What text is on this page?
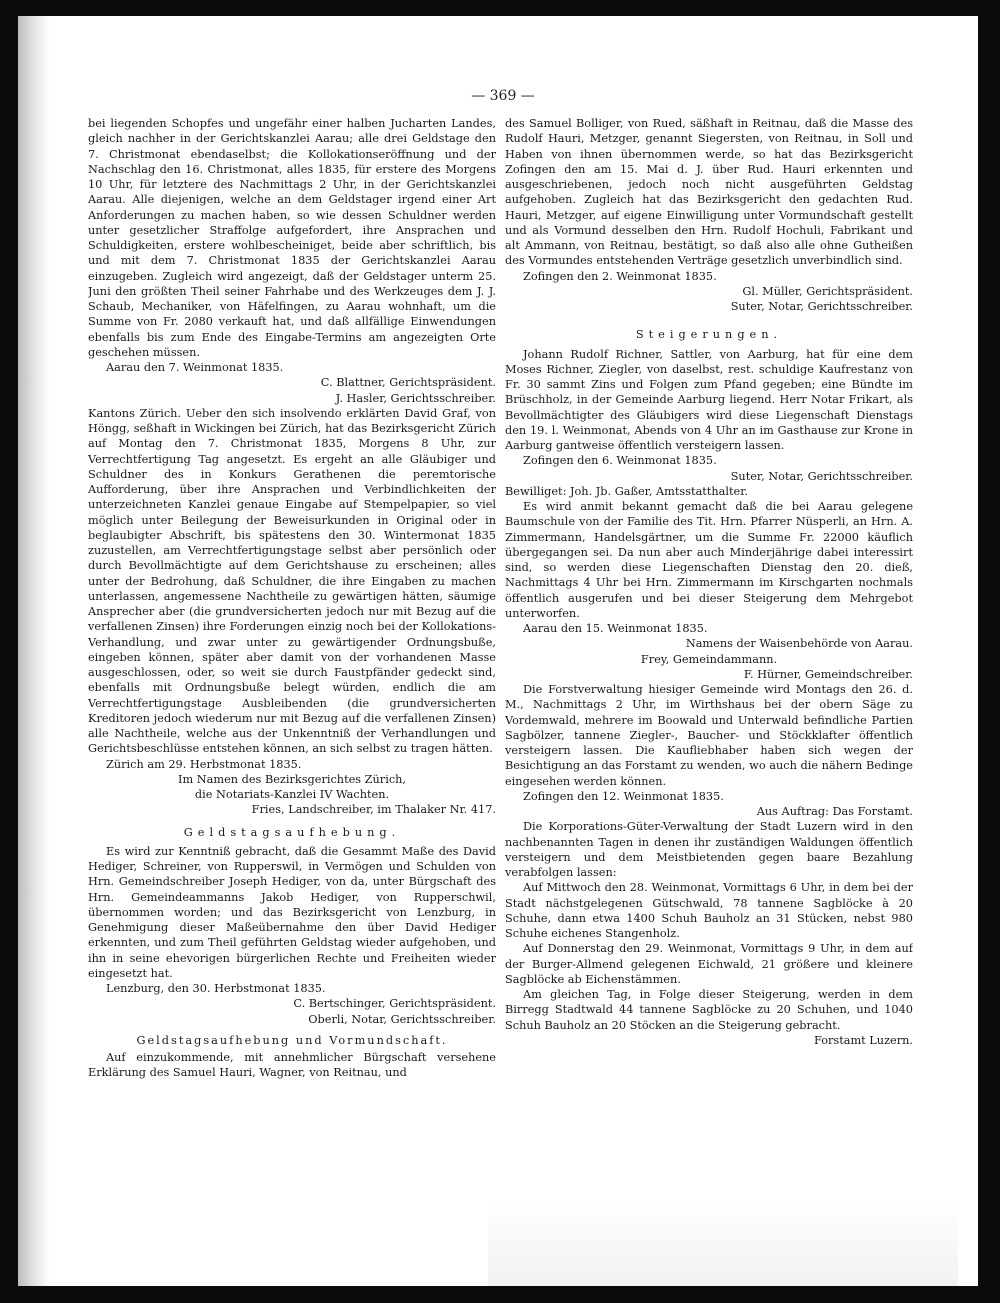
— 369 —

bei liegenden Schopfes und ungefähr einer halben Jucharten Landes, gleich nachher in der Gerichtskanzlei Aarau; alle drei Geldstage den 7. Christmonat ebendaselbst; die Kollokationseröffnung und der Nachschlag den 16. Christmonat, alles 1835, für erstere des Morgens 10 Uhr, für letztere des Nachmittags 2 Uhr, in der Gerichtskanzlei Aarau. Alle diejenigen, welche an dem Geldstager irgend einer Art Anforderungen zu machen haben, so wie dessen Schuldner werden unter gesetzlicher Straffolge aufgefordert, ihre Ansprachen und Schuldigkeiten, erstere wohlbescheiniget, beide aber schriftlich, bis und mit dem 7. Christmonat 1835 der Gerichtskanzlei Aarau einzugeben. Zugleich wird angezeigt, daß der Geldstager unterm 25. Juni den größten Theil seiner Fahrhabe und des Werkzeuges dem J. J. Schaub, Mechaniker, von Häfelfingen, zu Aarau wohnhaft, um die Summe von Fr. 2080 verkauft hat, und daß allfällige Einwendungen ebenfalls bis zum Ende des Eingabe-Termins am angezeigten Orte geschehen müssen.

Aarau den 7. Weinmonat 1835.

C. Blattner, Gerichtspräsident.

J. Hasler, Gerichtsschreiber.

Kantons Zürich. Ueber den sich insolvendo erklärten David Graf, von Höngg, seßhaft in Wickingen bei Zürich, hat das Bezirksgericht Zürich auf Montag den 7. Christmonat 1835, Morgens 8 Uhr, zur Verrechtfertigung Tag angesetzt. Es ergeht an alle Gläubiger und Schuldner des in Konkurs Gerathenen die peremtorische Aufforderung, über ihre Ansprachen und Verbindlichkeiten der unterzeichneten Kanzlei genaue Eingabe auf Stempelpapier, so viel möglich unter Beilegung der Beweisurkunden in Original oder in beglaubigter Abschrift, bis spätestens den 30. Wintermonat 1835 zuzustellen, am Verrechtfertigungstage selbst aber persönlich oder durch Bevollmächtigte auf dem Gerichtshause zu erscheinen; alles unter der Bedrohung, daß Schuldner, die ihre Eingaben zu machen unterlassen, angemessene Nachtheile zu gewärtigen hätten, säumige Ansprecher aber (die grundversicherten jedoch nur mit Bezug auf die verfallenen Zinsen) ihre Forderungen einzig noch bei der Kollokations-Verhandlung, und zwar unter zu gewärtigender Ordnungsbuße, eingeben können, später aber damit von der vorhandenen Masse ausgeschlossen, oder, so weit sie durch Faustpfänder gedeckt sind, ebenfalls mit Ordnungsbuße belegt würden, endlich die am Verrechtfertigungstage Ausbleibenden (die grundversicherten Kreditoren jedoch wiederum nur mit Bezug auf die verfallenen Zinsen) alle Nachtheile, welche aus der Unkenntniß der Verhandlungen und Gerichtsbeschlüsse entstehen können, an sich selbst zu tragen hätten.

Zürich am 29. Herbstmonat 1835.

Im Namen des Bezirksgerichtes Zürich,

die Notariats-Kanzlei IV Wachten.

Fries, Landschreiber, im Thalaker Nr. 417.

Geldstagsaufhebung.

Es wird zur Kenntniß gebracht, daß die Gesammt Maße des David Hediger, Schreiner, von Rupperswil, in Vermögen und Schulden von Hrn. Gemeindschreiber Joseph Hediger, von da, unter Bürgschaft des Hrn. Gemeindeammanns Jakob Hediger, von Rupperschwil, übernommen worden; und das Bezirksgericht von Lenzburg, in Genehmigung dieser Maßeübernahme den über David Hediger erkennten, und zum Theil geführten Geldstag wieder aufgehoben, und ihn in seine ehevorigen bürgerlichen Rechte und Freiheiten wieder eingesetzt hat.

Lenzburg, den 30. Herbstmonat 1835.

C. Bertschinger, Gerichtspräsident.

Oberli, Notar, Gerichtsschreiber.

Geldstagsaufhebung und Vormundschaft.

Auf einzukommende, mit annehmlicher Bürgschaft versehene Erklärung des Samuel Hauri, Wagner, von Reitnau, und

des Samuel Bolliger, von Rued, säßhaft in Reitnau, daß die Masse des Rudolf Hauri, Metzger, genannt Siegersten, von Reitnau, in Soll und Haben von ihnen übernommen werde, so hat das Bezirksgericht Zofingen den am 15. Mai d. J. über Rud. Hauri erkennten und ausgeschriebenen, jedoch noch nicht ausgeführten Geldstag aufgehoben. Zugleich hat das Bezirksgericht den gedachten Rud. Hauri, Metzger, auf eigene Einwilligung unter Vormundschaft gestellt und als Vormund desselben den Hrn. Rudolf Hochuli, Fabrikant und alt Ammann, von Reitnau, bestätigt, so daß also alle ohne Gutheißen des Vormundes entstehenden Verträge gesetzlich unverbindlich sind.

Zofingen den 2. Weinmonat 1835.

Gl. Müller, Gerichtspräsident.

Suter, Notar, Gerichtsschreiber.

Steigerungen.

Johann Rudolf Richner, Sattler, von Aarburg, hat für eine dem Moses Richner, Ziegler, von daselbst, rest. schuldige Kaufrestanz von Fr. 30 sammt Zins und Folgen zum Pfand gegeben; eine Bündte im Brüschholz, in der Gemeinde Aarburg liegend. Herr Notar Frikart, als Bevollmächtigter des Gläubigers wird diese Liegenschaft Dienstags den 19. l. Weinmonat, Abends von 4 Uhr an im Gasthause zur Krone in Aarburg gantweise öffentlich versteigern lassen.

Zofingen den 6. Weinmonat 1835.

Suter, Notar, Gerichtsschreiber.

Bewilliget: Joh. Jb. Gaßer, Amtsstatthalter.

Es wird anmit bekannt gemacht daß die bei Aarau gelegene Baumschule von der Familie des Tit. Hrn. Pfarrer Nüsperli, an Hrn. A. Zimmermann, Handelsgärtner, um die Summe Fr. 22000 käuflich übergegangen sei. Da nun aber auch Minderjährige dabei interessirt sind, so werden diese Liegenschaften Dienstag den 20. dieß, Nachmittags 4 Uhr bei Hrn. Zimmermann im Kirschgarten nochmals öffentlich ausgerufen und bei dieser Steigerung dem Mehrgebot unterworfen.

Aarau den 15. Weinmonat 1835.

Namens der Waisenbehörde von Aarau.

Frey, Gemeindammann.

F. Hürner, Gemeindschreiber.

Die Forstverwaltung hiesiger Gemeinde wird Montags den 26. d. M., Nachmittags 2 Uhr, im Wirthshaus bei der obern Säge zu Vordemwald, mehrere im Boowald und Unterwald befindliche Partien Sagbölzer, tannene Ziegler-, Baucher- und Stöckklafter öffentlich versteigern lassen. Die Kaufliebhaber haben sich wegen der Besichtigung an das Forstamt zu wenden, wo auch die nähern Bedinge eingesehen werden können.

Zofingen den 12. Weinmonat 1835.

Aus Auftrag: Das Forstamt.

Die Korporations-Güter-Verwaltung der Stadt Luzern wird in den nachbenannten Tagen in denen ihr zuständigen Waldungen öffentlich versteigern und dem Meistbietenden gegen baare Bezahlung verabfolgen lassen:

Auf Mittwoch den 28. Weinmonat, Vormittags 6 Uhr, in dem bei der Stadt nächstgelegenen Gütschwald, 78 tannene Sagblöcke à 20 Schuhe, dann etwa 1400 Schuh Bauholz an 31 Stücken, nebst 980 Schuhe eichenes Stangenholz.

Auf Donnerstag den 29. Weinmonat, Vormittags 9 Uhr, in dem auf der Burger-Allmend gelegenen Eichwald, 21 größere und kleinere Sagblöcke ab Eichenstämmen.

Am gleichen Tag, in Folge dieser Steigerung, werden in dem Birregg Stadtwald 44 tannene Sagblöcke zu 20 Schuhen, und 1040 Schuh Bauholz an 20 Stöcken an die Steigerung gebracht.

Forstamt Luzern.
